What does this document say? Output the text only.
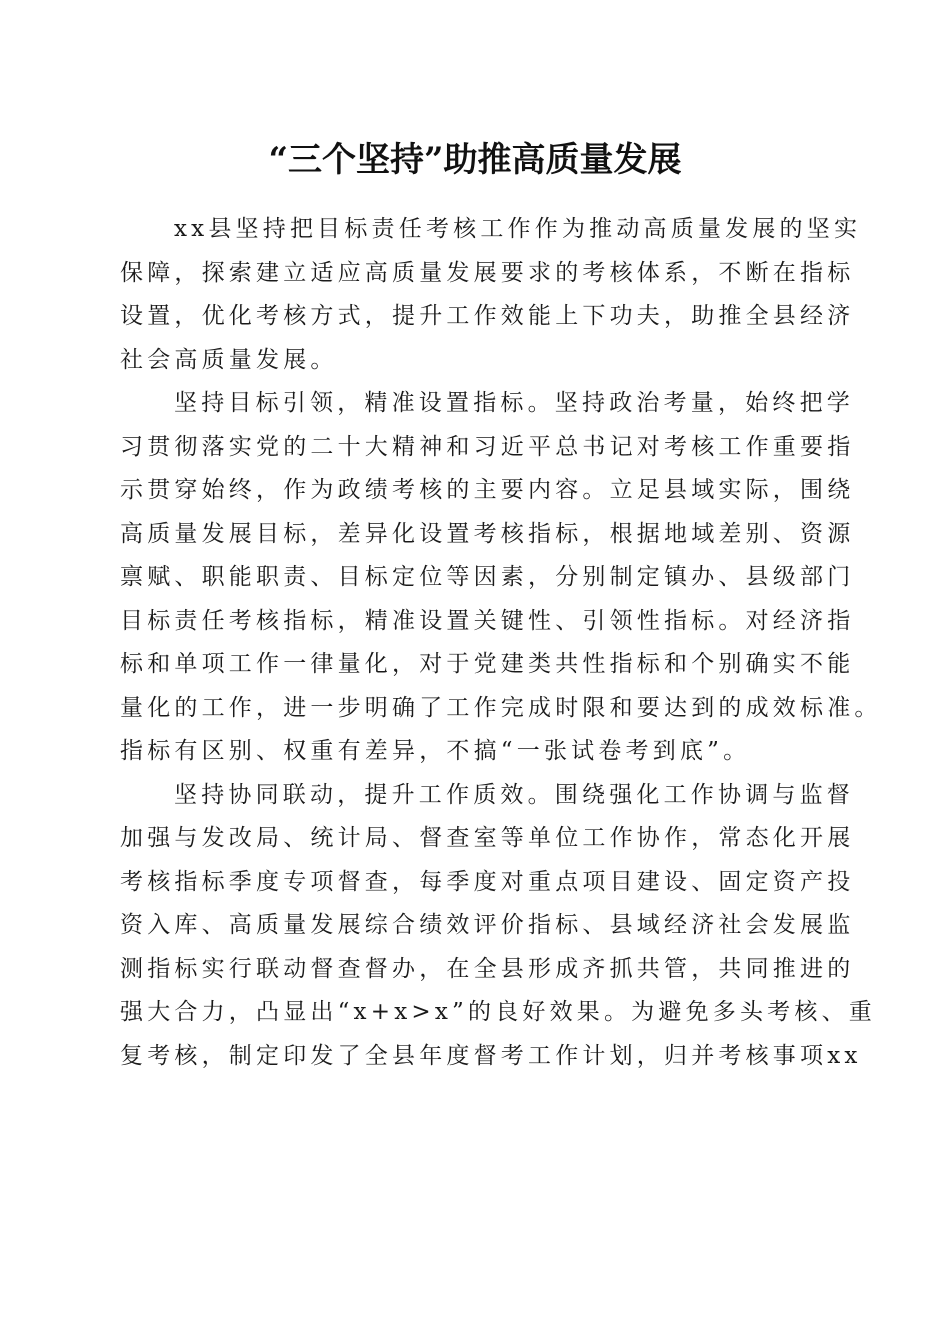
“三个坚持”助推高质量发展
xx县坚持把目标责任考核工作作为推动高质量发展的坚实
保障，探索建立适应高质量发展要求的考核体系，不断在指标
设置，优化考核方式，提升工作效能上下功夫，助推全县经济
社会高质量发展。
坚持目标引领，精准设置指标。坚持政治考量，始终把学
习贯彻落实党的二十大精神和习近平总书记对考核工作重要指
示贯穿始终，作为政绩考核的主要内容。立足县域实际，围绕
高质量发展目标，差异化设置考核指标，根据地域差别、资源
禀赋、职能职责、目标定位等因素，分别制定镇办、县级部门
目标责任考核指标，精准设置关键性、引领性指标。对经济指
标和单项工作一律量化，对于党建类共性指标和个别确实不能
量化的工作，进一步明确了工作完成时限和要达到的成效标准。
指标有区别、权重有差异，不搞“一张试卷考到底”。
坚持协同联动，提升工作质效。围绕强化工作协调与监督
加强与发改局、统计局、督查室等单位工作协作，常态化开展
考核指标季度专项督查，每季度对重点项目建设、固定资产投
资入库、高质量发展综合绩效评价指标、县域经济社会发展监
测指标实行联动督查督办，在全县形成齐抓共管，共同推进的
强大合力，凸显出“x+x>x”的良好效果。为避免多头考核、重
复考核，制定印发了全县年度督考工作计划，归并考核事项xx
